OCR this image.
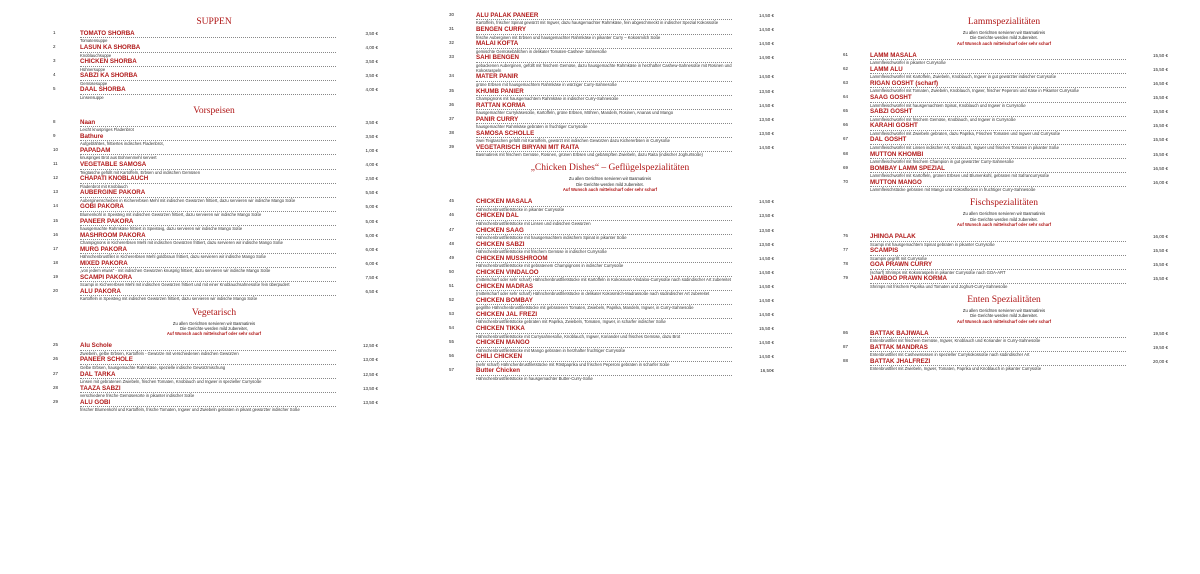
SUPPEN
1	TOMATO SHORBA	3,50 €
Tomatensuppe
2	LASUN KA SHORBA	4,00 €
Knoblauchsuppe
3	CHICKEN SHORBA	3,50 €
Hühnersuppe
4	SABZI KA SHORBA	3,50 €
Gemüsesuppe
5	DAAL SHORBA	4,00 €
Linsensuppe
Vorspeisen
8	Naan	3,50 €
Leicht knuspriges Fladenbrot
9	Bathure	3,50 €
Aufgeblähtes, frittiertes indisches Fladenbrot,
10	PAPADAM	1,00 €
knuspriges Brot aus Bohnenmehl serviert
11	VEGETABLE SAMOSA	4,00 €
Teigtasche gefüllt mit Kartoffeln, Erbsen und indischen Gemüsen
12	CHAPATI KNOBLAUCH	2,50 €
Fladenbrot mit Knoblauch
13	AUBERGINE PAKORA	5,50 €
Auberginenscheiben in Kichererbsen Mehl mit indischen Gewürzen frittiert, dazu servieren wir indische Mango Soße
14	GOBI PAKORA	5,00 €
Blumenkohl in Speisteig mit indischen Gewürzen frittiert, dazu servieren wir indische Mango Soße
15	PANEER PAKORA	5,00 €
hausgemachte Rahmkäse frittiert in Speisteig, dazu servieren wir indische Mango Soße
16	MASHROOM PAKORA	5,00 €
Champignons in Kichererbsen Mehl mit indischen Gewürzen frittiert, dazu servieren wir indische Mango Soße
17	MURG PAKORA	6,00 €
Hähnchenbrustfilet in Kichererbsen Mehl goldbraun frittiert, dazu servieren wir indische Mango Soße
18	MIXED PAKORA	6,00 €
„von jedem etwas“ - mit indischen Gewürzen knusprig frittiert, dazu servieren wir indische Mango Soße
19	SCAMPI PAKORA	7,50 €
Scampi in Kichererbsen Mehl mit indischen Gewürzen frittiert und mit einer Knoblauchsahnesoße fein überpudert
20	ALU PAKORA	6,50 €
Kartoffeln in Speisteig mit indischen Gewürzen frittiert, dazu servieren wir indische Mango Soße
Vegetarisch
Zu allen Gerichten servieren wir Basmatireis
Die Gerichte werden mild zubereitet,
Auf Wunsch auch mittelscharf oder sehr scharf
25	Alu Schole	12,50 €
Zwiebeln, gelbe Erbsen, Kartoffeln - Gewürze mit verschiedenen indischen Gewürzen
26	PANEER SCHOLE	13,00 €
Gelbe Erbsen, hausgemachte Rahmkäse, spezielle indische Gewürzmischung
27	DAL TARKA	12,50 €
Linsen mit gebratenen Zwiebeln, frischen Tomaten, Knoblauch und Ingwer in spezieller Currysoße
28	TAAZA SABZI	13,50 €
verschiedene frische Gemüsesorte in pikanter indischer Soße
29	ALU GOBI	13,50 €
frischer Blumenkohl und Kartoffeln, frische Tomaten, Ingwer und Zwiebeln gebraten in pikant gewürzter indischer Soße
30	ALU PALAK PANEER	14,50 €
Kartoffeln, frischer Spinat gewürzt mit Ingwer, dazu hausgemachter Rahmkäse, fein abgeschmeckt in indischer Spezial Kokossoße
31	BENGEN CURRY	14,50 €
frische Auberginen mit Erbsen und hausgemachter Rahmkäse in pikanter Curry – Kokosmilch Soße
32	MALAI KOFTA	14,50 €
gemischte Gemüsebällchen in delikater Tomaten-Cashew- Sahnesoße
33	SAHI BENGEN	14,90 €
gebackenen Auberginen, gefüllt mit frischem Gemüse, dazu hausgemachte Rahmkäse in herzhafter Cashew-Sahnesoße mit Rosinen und Kokosraspeln
34	MATER PANIR	14,50 €
grüne Erbsen mit hausgemachtem Rahmkäse in würziger Curry-Sahnesoße
35	KHUMB PANIER	13,50 €
Champignons mit hausgemachtem Rahmkäse in indischer Curry-Sahnesoße
36	RATTAN KORMA	14,50 €
hausgemachter Currykäsesoße, Kartoffeln, grüne Erbsen, Möhren, Mandeln, Rosinen, Ananas und Mango
37	PANIR CURRY	13,50 €
hausgemachter Rahmkäse gebraten in fruchtiger Currysoße
38	SAMOSA SCHOLLE	13,50 €
zwei Teigtaschen gefüllt mit Kartoffeln, gewürzt mit indischen Gewürzen dazu Kichererbsen in Currysoße
39	VEGETARISCH BIRYANI MIT RAITA	14,50 €
Basmatireis mit frischem Gemüse, Rosinen, grünen Erbsen und gebämpften Zwiebeln, dazu Raita (indischer Joghurtsoße)
„Chicken Dishes“ – Geflügelspezialitäten
Zu allen Gerichten servieren wir Basmatireis
Die Gerichte werden mild zubereitet.
Auf Wunsch auch mittelscharf oder sehr scharf
45	CHICKEN MASALA	14,50 €
Hähnchenbrustfiletstücke in pikanter Currysoße
46	CHICKEN DAL	13,50 €
Hähnchenbrustfiletstücke mit Linsen und indischen Gewürzen
47	CHICKEN SAAG	13,50 €
Hähnchenbrustfiletstücke mit hausgemachtem indischem Spinat in pikanter Soße
48	CHICKEN SABZI	13,50 €
Hähnchenbrustfiletstücke mit frischem Gemüse in indischer Currysoße
49	CHICKEN MUSSHROOM	14,50 €
Hähnchenbrustfiletstücke mit gebratenem Champignons in indischer Currysoße
50	CHICKEN VINDALOO	14,50 €
(mittelscharf oder sehr scharf) Hähnchenbrustfiletstücke mit Kartoffeln in Kokosnuss-Vindaloo-Currysoße nach südindischer Art zubereitet
51	CHICKEN MADRAS	14,50 €
(mittelscharf oder sehr scharf) Hähnchenbrustfiletstücke in delikater Kokosmilch-Madrassoße nach südindischer Art zubereitet
52	CHICKEN BOMBAY	14,50 €
gegrillte Hähnchenbrustfiletstücke mit gebratenen Tomaten, Zwiebeln, Paprika, Mandeln, Ingwer, in Curry-Sahnesoße
53	CHICKEN JAL FREZI	14,50 €
Hähnchenbrustfiletstücke gebraten mit Paprika, Zwiebeln, Tomaten, Ingwer, in scharfer indischer Soße
54	CHICKEN TIKKA	15,50 €
Hähnchenbrustfiletstücke mit Currysahnesoße, Knoblauch, Ingwer, Koriander und frisches Gemüse, dazu Brot
55	CHICKEN MANGO	14,50 €
Hähnchenbrustfiletstücke mit Mango gebraten in herzhafter fruchtiger Currysoße
56	CHILI CHICKEN	14,50 €
(sehr scharf) Hähnchenbrustfiletstücke mit Röstpaprika und frischen Peperoni gebraten in scharfer Soße
57	Butter Chicken	16,50€
Hähnchenbrustfiletstücke in hausgemachter Butter-Curry-Soße
Lammspezialitäten
Zu allen Gerichten servieren wir Basmatireis
Die Gerichte werden mild zubereitet.
Auf Wunsch auch mittelscharf oder sehr scharf
61	LAMM MASALA	15,50 €
Lammfleischwürfel in pikanter Currysoße
62	LAMM ALU	15,50 €
Lammfleischwürfel mit Kartoffeln, Zwiebeln, Knoblauch, Ingwer in gut gewürzter indischer Currysoße
63	RIGAN GOSHT (scharf)	16,50 €
Lammfleischwürfel mit Tomaten, Zwiebeln, Knoblauch, Ingwer, frischer Peperoni und Käse in Pikanter Currysoße
64	SAAG GOSHT	15,50 €
Lammfleischwürfel mit hausgemachtem Spinat, Knoblauch und Ingwer in Currysoße
65	SABZI GOSHT	15,50 €
Lammfleischwürfel mit frischem Gemüse, Knoblauch, und Ingwer in Currysoße
66	KARAHI GOSHT	15,50 €
Lammfleischwürfel mit Zwiebeln gebraten, dazu Paprika, Frischen Tomaten und Ingwer und Currysoße
67	DAL GOSHT	15,50 €
Lammfleischwürfel mit Linsen indischer Art, Knoblauch, Ingwer und frischen Tomaten in pikanter Soße
68	MUTTON KHOMBI	15,50 €
Lammfleischwürfel mit frischem Champion in gut gewürzter Curry-Sahnesoße
69	BOMBAY LAMM SPEZIAL	16,50 €
Lammfleischwürfel mit Kartoffeln, grünen Erbsen und Blumenkohl, gebraten mit Safrancurrysoße
70	MUTTON MANGO	16,00 €
Lammfleischstücke gebraten mit Mango und Kokosflocken in fruchtiger Curry-Sahnesoße
Fischspezialitäten
Zu allen Gerichten servieren wir Basmatireis
Die Gerichte werden mild zubereitet.
Auf Wunsch auch mittelscharf oder sehr scharf
76	JHINGA PALAK	16,00 €
Scampi mit hausgemachtem Spinat gebraten in pikanter Currysoße
77	SCAMPIS	15,50 €
Scampis gegrillt mit Currysoße
78	GOA PRAWN CURRY	15,50 €
(scharf) Shrimps mit Kokosraspeln in pikanter Currysoße nach GOA-ART
79	JAMBOO PRAWN KORMA	15,50 €
Shrimps mit frischem Paprika und Tomaten und Joghurt-Curry-Sahnesoße
Enten Spezialitäten
Zu allen Gerichten servieren wir Basmatireis
Die Gerichte werden mild zubereitet.
Auf Wunsch auch mittelscharf oder sehr scharf
86	BATTAK BAJIWALA	19,50 €
Entenbrustfilet mit frischem Gemüse, Ingwer, Knoblauch und Koriander in Curry-Sahnesoße
87	BATTAK MANDRAS	19,50 €
Entenbrustfilet mit Cashewnüssen in spezieller Currykokossoße nach südindischer Art
88	BATTAK JHALFREZI	20,00 €
Entenbrustfilet mit Zwiebeln, Ingwer, Tomaten, Paprika und Knoblauch in pikanter Currysoße
